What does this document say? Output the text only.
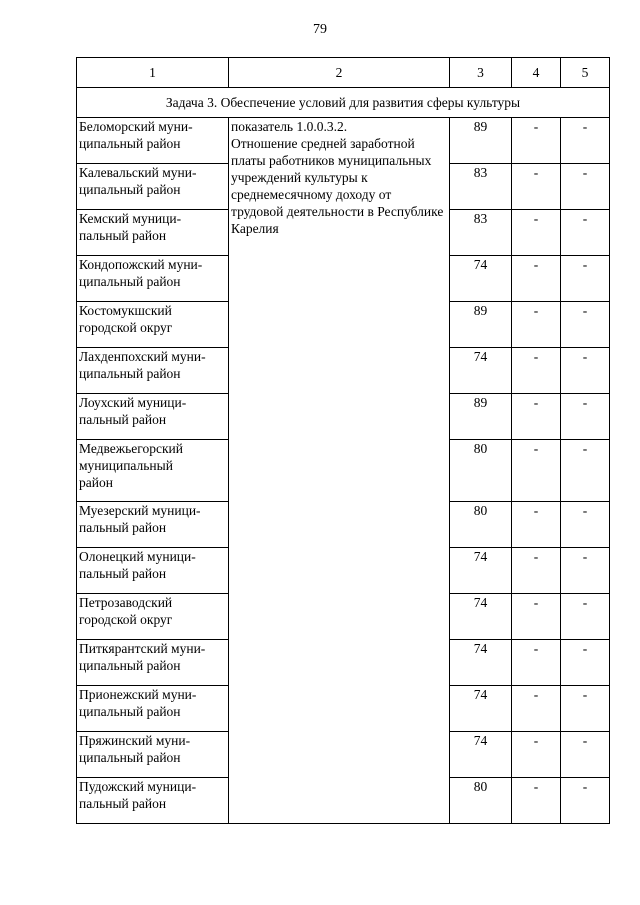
79
1	2	3	4	5
Задача 3. Обеспечение условий для развития сферы культуры				
Беломорский муни-
ципальный район	показатель 1.0.0.3.2.
Отношение средней заработной платы работников муниципальных учреждений культуры к среднемесячному доходу от трудовой деятельности в Республике Карелия	89	-	-
Калевальский муни-
ципальный район		83	-	-
Кемский муници-
пальный район		83	-	-
Кондопожский муни-
ципальный район		74	-	-
Костомукшский
городской округ		89	-	-
Лахденпохский муни-
ципальный район		74	-	-
Лоухский муници-
пальный район		89	-	-
Медвежьегорский
муниципальный
район		80	-	-
Муезерский муници-
пальный район		80	-	-
Олонецкий муници-
пальный район		74	-	-
Петрозаводский
городской округ		74	-	-
Питкярантский муни-
ципальный район		74	-	-
Прионежский муни-
ципальный район		74	-	-
Пряжинский муни-
ципальный район		74	-	-
Пудожский муници-
пальный район		80	-	-
